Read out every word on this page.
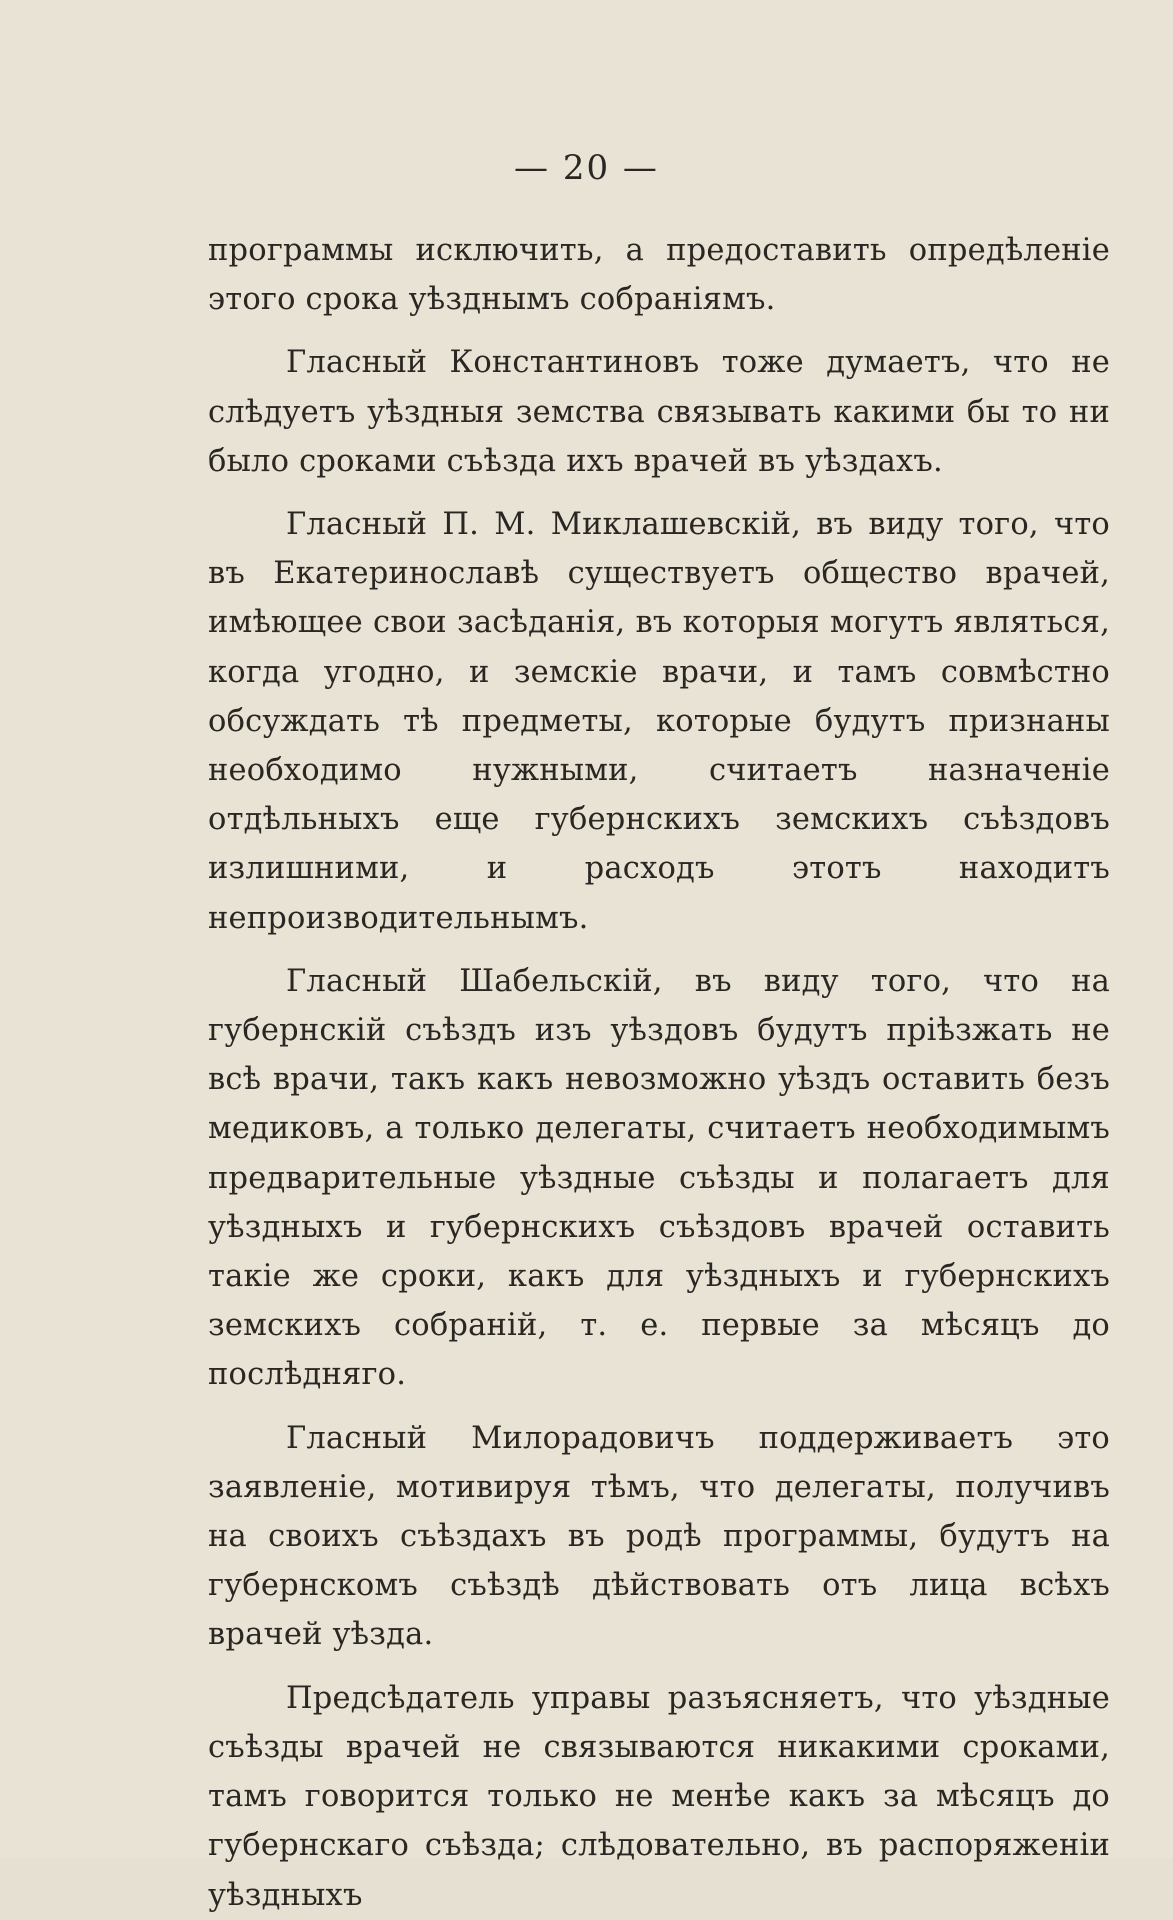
— 20 —

программы исключить, а предоставить опредѣленіе этого срока уѣзднымъ собраніямъ.

Гласный Константиновъ тоже думаетъ, что не слѣдуетъ уѣздныя земства связывать какими бы то ни было сроками съѣзда ихъ врачей въ уѣздахъ.

Гласный П. М. Миклашевскій, въ виду того, что въ Екатеринославѣ существуетъ общество врачей, имѣющее свои засѣданія, въ которыя могутъ являться, когда угодно, и земскіе врачи, и тамъ совмѣстно обсуждать тѣ предметы, которые будутъ признаны необходимо нужными, считаетъ назначеніе отдѣльныхъ еще губернскихъ земскихъ съѣздовъ излишними, и расходъ этотъ находитъ непроизводительнымъ.

Гласный Шабельскій, въ виду того, что на губернскій съѣздъ изъ уѣздовъ будутъ пріѣзжать не всѣ врачи, такъ какъ невозможно уѣздъ оставить безъ медиковъ, а только делегаты, считаетъ необходимымъ предварительные уѣздные съѣзды и полагаетъ для уѣздныхъ и губернскихъ съѣздовъ врачей оставить такіе же сроки, какъ для уѣздныхъ и губернскихъ земскихъ собраній, т. е. первые за мѣсяцъ до послѣдняго.

Гласный Милорадовичъ поддерживаетъ это заявленіе, мотивируя тѣмъ, что делегаты, получивъ на своихъ съѣздахъ въ родѣ программы, будутъ на губернскомъ съѣздѣ дѣйствовать отъ лица всѣхъ врачей уѣзда.

Предсѣдатель управы разъясняетъ, что уѣздные съѣзды врачей не связываются никакими сроками, тамъ говорится только не менѣе какъ за мѣсяцъ до губернскаго съѣзда; слѣдовательно, въ распоряженіи уѣздныхъ
